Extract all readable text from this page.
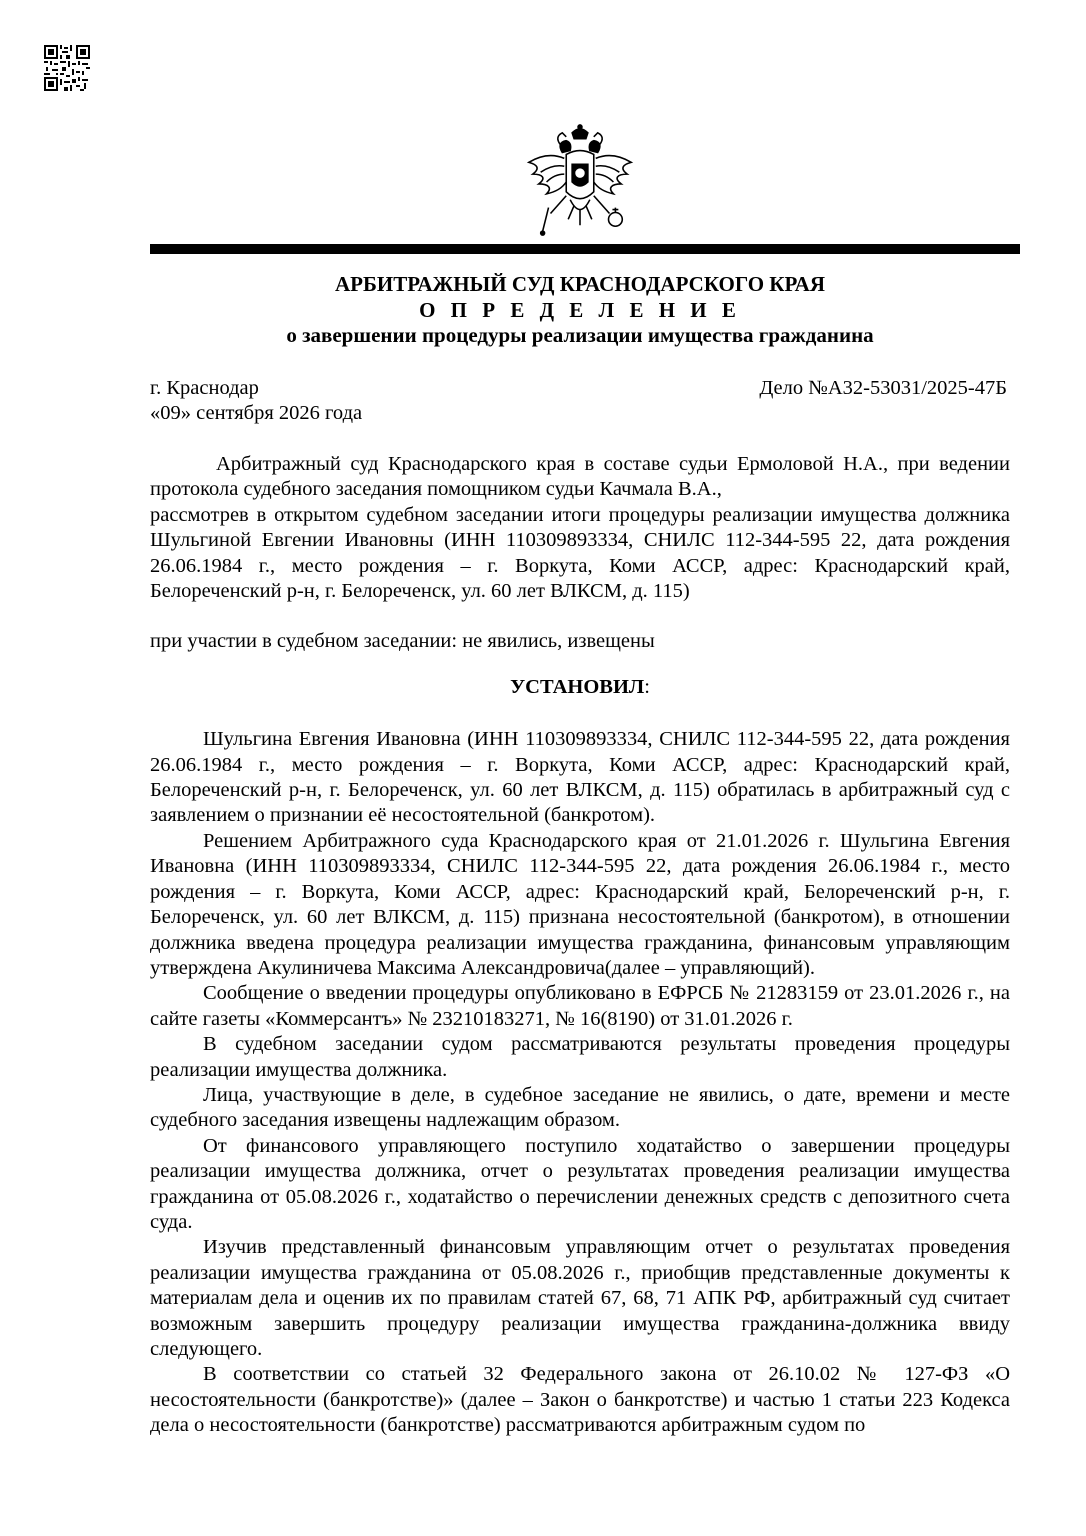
АРБИТРАЖНЫЙ СУД КРАСНОДАРСКОГО КРАЯ
О П Р Е Д Е Л Е Н И Е
о завершении процедуры реализации имущества гражданина
г. Краснодар	Дело №А32-53031/2025-47Б
«09» сентября 2026 года

Арбитражный суд Краснодарского края в составе судьи Ермоловой Н.А., при ведении протокола судебного заседания помощником судьи Качмала В.А.,

рассмотрев в открытом судебном заседании итоги процедуры реализации имущества должника Шульгиной Евгении Ивановны (ИНН 110309893334, СНИЛС 112-344-595 22, дата рождения 26.06.1984 г., место рождения – г. Воркута, Коми АССР, адрес: Краснодарский край, Белореченский р-н, г. Белореченск, ул. 60 лет ВЛКСМ, д. 115)

при участии в судебном заседании: не явились, извещены

УСТАНОВИЛ:

Шульгина Евгения Ивановна (ИНН 110309893334, СНИЛС 112-344-595 22, дата рождения 26.06.1984 г., место рождения – г. Воркута, Коми АССР, адрес: Краснодарский край, Белореченский р-н, г. Белореченск, ул. 60 лет ВЛКСМ, д. 115) обратилась в арбитражный суд с заявлением о признании её несостоятельной (банкротом).

Решением Арбитражного суда Краснодарского края от 21.01.2026 г. Шульгина Евгения Ивановна (ИНН 110309893334, СНИЛС 112-344-595 22, дата рождения 26.06.1984 г., место рождения – г. Воркута, Коми АССР, адрес: Краснодарский край, Белореченский р-н, г. Белореченск, ул. 60 лет ВЛКСМ, д. 115) признана несостоятельной (банкротом), в отношении должника введена процедура реализации имущества гражданина, финансовым управляющим утверждена Акулиничева Максима Александровича(далее – управляющий).

Сообщение о введении процедуры опубликовано в ЕФРСБ № 21283159 от 23.01.2026 г., на сайте газеты «Коммерсантъ» № 23210183271, № 16(8190) от 31.01.2026 г.

В судебном заседании судом рассматриваются результаты проведения процедуры реализации имущества должника.

Лица, участвующие в деле, в судебное заседание не явились, о дате, времени и месте судебного заседания извещены надлежащим образом.

От финансового управляющего поступило ходатайство о завершении процедуры реализации имущества должника, отчет о результатах проведения реализации имущества гражданина от 05.08.2026 г., ходатайство о перечислении денежных средств с депозитного счета суда.

Изучив представленный финансовым управляющим отчет о результатах проведения реализации имущества гражданина от 05.08.2026 г., приобщив представленные документы к материалам дела и оценив их по правилам статей 67, 68, 71 АПК РФ, арбитражный суд считает возможным завершить процедуру реализации имущества гражданина-должника ввиду следующего.

В соответствии со статьей 32 Федерального закона от 26.10.02 № 127-ФЗ «О несостоятельности (банкротстве)» (далее – Закон о банкротстве) и частью 1 статьи 223 Кодекса дела о несостоятельности (банкротстве) рассматриваются арбитражным судом по
